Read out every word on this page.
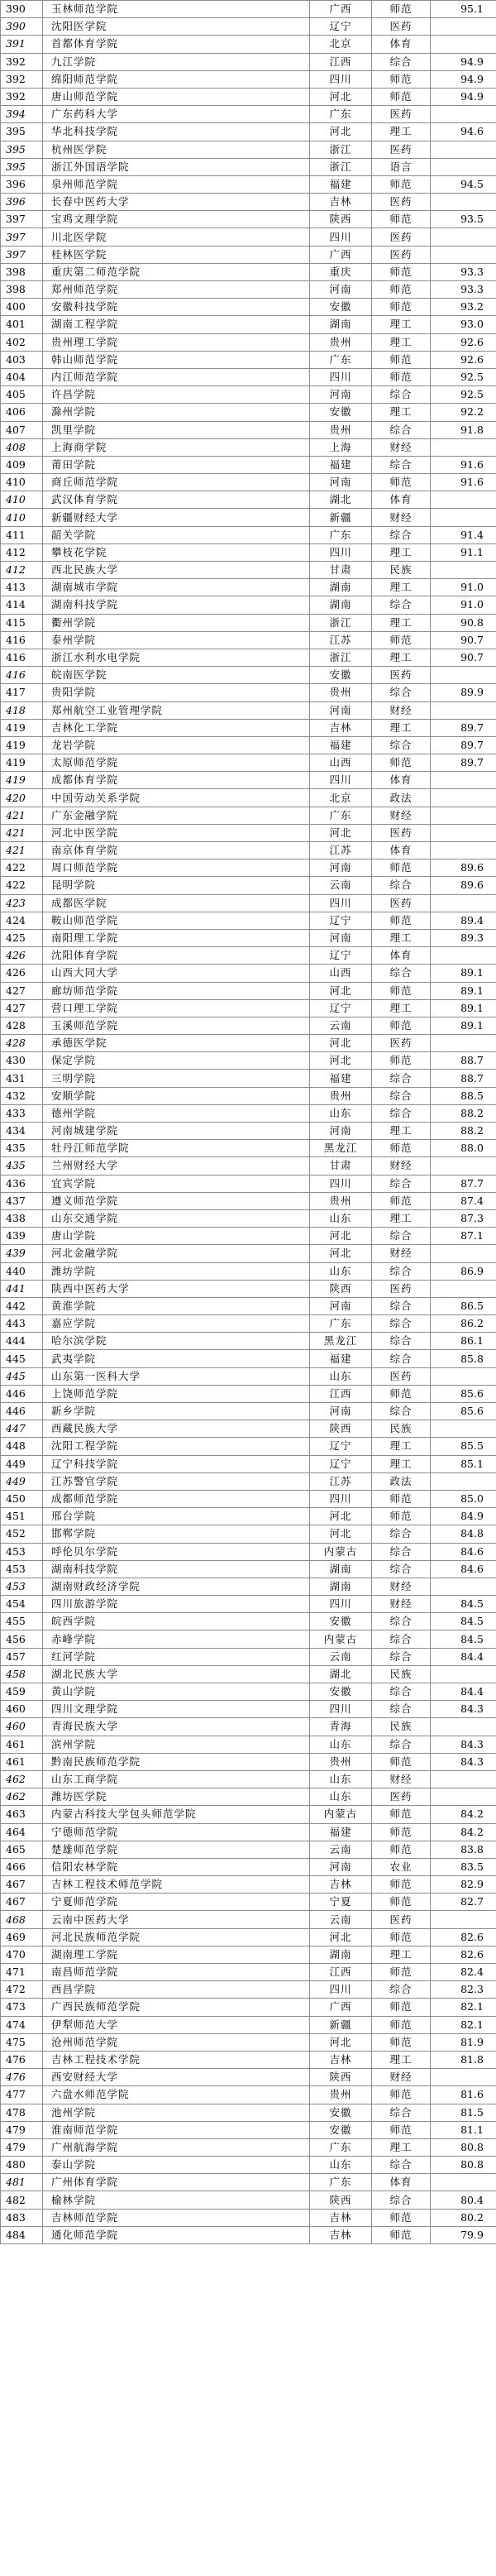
390	玉林师范学院	广西	师范	95.1
390	沈阳医学院	辽宁	医药	
391	首都体育学院	北京	体育	
392	九江学院	江西	综合	94.9
392	绵阳师范学院	四川	师范	94.9
392	唐山师范学院	河北	师范	94.9
394	广东药科大学	广东	医药	
395	华北科技学院	河北	理工	94.6
395	杭州医学院	浙江	医药	
395	浙江外国语学院	浙江	语言	
396	泉州师范学院	福建	师范	94.5
396	长春中医药大学	吉林	医药	
397	宝鸡文理学院	陕西	师范	93.5
397	川北医学院	四川	医药	
397	桂林医学院	广西	医药	
398	重庆第二师范学院	重庆	师范	93.3
398	郑州师范学院	河南	师范	93.3
400	安徽科技学院	安徽	师范	93.2
401	湖南工程学院	湖南	理工	93.0
402	贵州理工学院	贵州	理工	92.6
403	韩山师范学院	广东	师范	92.6
404	内江师范学院	四川	师范	92.5
405	许昌学院	河南	综合	92.5
406	滁州学院	安徽	理工	92.2
407	凯里学院	贵州	综合	91.8
408	上海商学院	上海	财经	
409	莆田学院	福建	综合	91.6
410	商丘师范学院	河南	师范	91.6
410	武汉体育学院	湖北	体育	
410	新疆财经大学	新疆	财经	
411	韶关学院	广东	综合	91.4
412	攀枝花学院	四川	理工	91.1
412	西北民族大学	甘肃	民族	
413	湖南城市学院	湖南	理工	91.0
414	湖南科技学院	湖南	综合	91.0
415	衢州学院	浙江	理工	90.8
416	泰州学院	江苏	师范	90.7
416	浙江水利水电学院	浙江	理工	90.7
416	皖南医学院	安徽	医药	
417	贵阳学院	贵州	综合	89.9
418	郑州航空工业管理学院	河南	财经	
419	吉林化工学院	吉林	理工	89.7
419	龙岩学院	福建	综合	89.7
419	太原师范学院	山西	师范	89.7
419	成都体育学院	四川	体育	
420	中国劳动关系学院	北京	政法	
421	广东金融学院	广东	财经	
421	河北中医学院	河北	医药	
421	南京体育学院	江苏	体育	
422	周口师范学院	河南	师范	89.6
422	昆明学院	云南	综合	89.6
423	成都医学院	四川	医药	
424	鞍山师范学院	辽宁	师范	89.4
425	南阳理工学院	河南	理工	89.3
426	沈阳体育学院	辽宁	体育	
426	山西大同大学	山西	综合	89.1
427	廊坊师范学院	河北	师范	89.1
427	营口理工学院	辽宁	理工	89.1
428	玉溪师范学院	云南	师范	89.1
428	承德医学院	河北	医药	
430	保定学院	河北	师范	88.7
431	三明学院	福建	综合	88.7
432	安顺学院	贵州	综合	88.5
433	德州学院	山东	综合	88.2
434	河南城建学院	河南	理工	88.2
435	牡丹江师范学院	黑龙江	师范	88.0
435	兰州财经大学	甘肃	财经	
436	宜宾学院	四川	综合	87.7
437	遵义师范学院	贵州	师范	87.4
438	山东交通学院	山东	理工	87.3
439	唐山学院	河北	综合	87.1
439	河北金融学院	河北	财经	
440	潍坊学院	山东	综合	86.9
441	陕西中医药大学	陕西	医药	
442	黄淮学院	河南	综合	86.5
443	嘉应学院	广东	综合	86.2
444	哈尔滨学院	黑龙江	综合	86.1
445	武夷学院	福建	综合	85.8
445	山东第一医科大学	山东	医药	
446	上饶师范学院	江西	师范	85.6
446	新乡学院	河南	综合	85.6
447	西藏民族大学	陕西	民族	
448	沈阳工程学院	辽宁	理工	85.5
449	辽宁科技学院	辽宁	理工	85.1
449	江苏警官学院	江苏	政法	
450	成都师范学院	四川	师范	85.0
451	邢台学院	河北	师范	84.9
452	邯郸学院	河北	综合	84.8
453	呼伦贝尔学院	内蒙古	综合	84.6
453	湖南科技学院	湖南	综合	84.6
453	湖南财政经济学院	湖南	财经	
454	四川旅游学院	四川	财经	84.5
455	皖西学院	安徽	综合	84.5
456	赤峰学院	内蒙古	综合	84.5
457	红河学院	云南	综合	84.4
458	湖北民族大学	湖北	民族	
459	黄山学院	安徽	综合	84.4
460	四川文理学院	四川	综合	84.3
460	青海民族大学	青海	民族	
461	滨州学院	山东	综合	84.3
461	黔南民族师范学院	贵州	师范	84.3
462	山东工商学院	山东	财经	
462	潍坊医学院	山东	医药	
463	内蒙古科技大学包头师范学院	内蒙古	师范	84.2
464	宁德师范学院	福建	师范	84.2
465	楚雄师范学院	云南	师范	83.8
466	信阳农林学院	河南	农业	83.5
467	吉林工程技术师范学院	吉林	师范	82.9
467	宁夏师范学院	宁夏	师范	82.7
468	云南中医药大学	云南	医药	
469	河北民族师范学院	河北	师范	82.6
470	湖南理工学院	湖南	理工	82.6
471	南昌师范学院	江西	师范	82.4
472	西昌学院	四川	综合	82.3
473	广西民族师范学院	广西	师范	82.1
474	伊犁师范大学	新疆	师范	82.1
475	沧州师范学院	河北	师范	81.9
476	吉林工程技术学院	吉林	理工	81.8
476	西安财经大学	陕西	财经	
477	六盘水师范学院	贵州	师范	81.6
478	池州学院	安徽	综合	81.5
479	淮南师范学院	安徽	师范	81.1
479	广州航海学院	广东	理工	80.8
480	泰山学院	山东	综合	80.8
481	广州体育学院	广东	体育	
482	榆林学院	陕西	综合	80.4
483	吉林师范学院	吉林	师范	80.2
484	通化师范学院	吉林	师范	79.9
